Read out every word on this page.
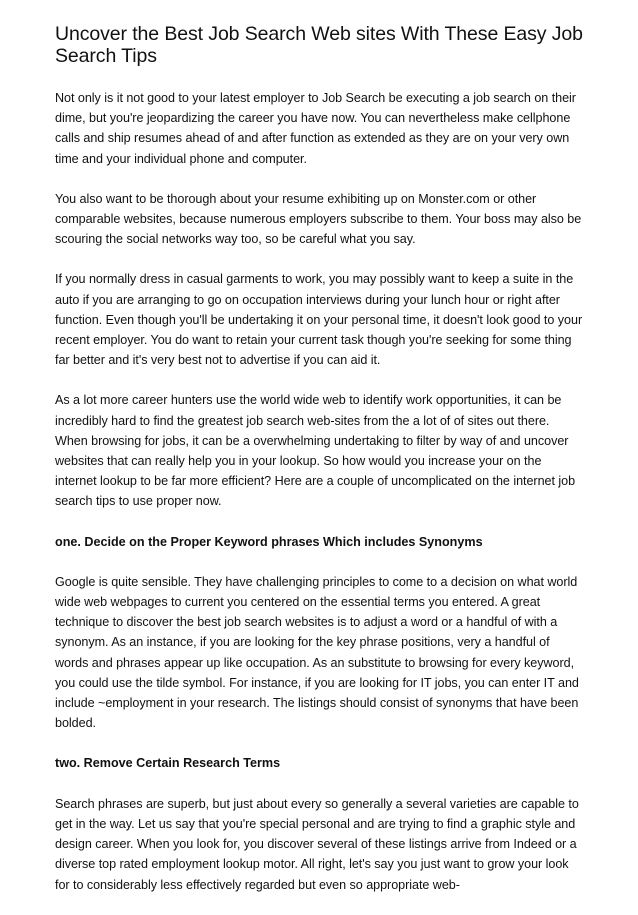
Uncover the Best Job Search Web sites With These Easy Job Search Tips

Not only is it not good to your latest employer to Job Search be executing a job search on their dime, but you're jeopardizing the career you have now. You can nevertheless make cellphone calls and ship resumes ahead of and after function as extended as they are on your very own time and your individual phone and computer.

You also want to be thorough about your resume exhibiting up on Monster.com or other comparable websites, because numerous employers subscribe to them. Your boss may also be scouring the social networks way too, so be careful what you say.

If you normally dress in casual garments to work, you may possibly want to keep a suite in the auto if you are arranging to go on occupation interviews during your lunch hour or right after function. Even though you'll be undertaking it on your personal time, it doesn't look good to your recent employer. You do want to retain your current task though you're seeking for some thing far better and it's very best not to advertise if you can aid it.

As a lot more career hunters use the world wide web to identify work opportunities, it can be incredibly hard to find the greatest job search web-sites from the a lot of of sites out there. When browsing for jobs, it can be a overwhelming undertaking to filter by way of and uncover websites that can really help you in your lookup. So how would you increase your on the internet lookup to be far more efficient? Here are a couple of uncomplicated on the internet job search tips to use proper now.

one. Decide on the Proper Keyword phrases Which includes Synonyms

Google is quite sensible. They have challenging principles to come to a decision on what world wide web webpages to current you centered on the essential terms you entered. A great technique to discover the best job search websites is to adjust a word or a handful of with a synonym. As an instance, if you are looking for the key phrase positions, very a handful of words and phrases appear up like occupation. As an substitute to browsing for every keyword, you could use the tilde symbol. For instance, if you are looking for IT jobs, you can enter IT and include ~employment in your research. The listings should consist of synonyms that have been bolded.

two. Remove Certain Research Terms

Search phrases are superb, but just about every so generally a several varieties are capable to get in the way. Let us say that you're special personal and are trying to find a graphic style and design career. When you look for, you discover several of these listings arrive from Indeed or a diverse top rated employment lookup motor. All right, let's say you just want to grow your look for to considerably less effectively regarded but even so appropriate web-
